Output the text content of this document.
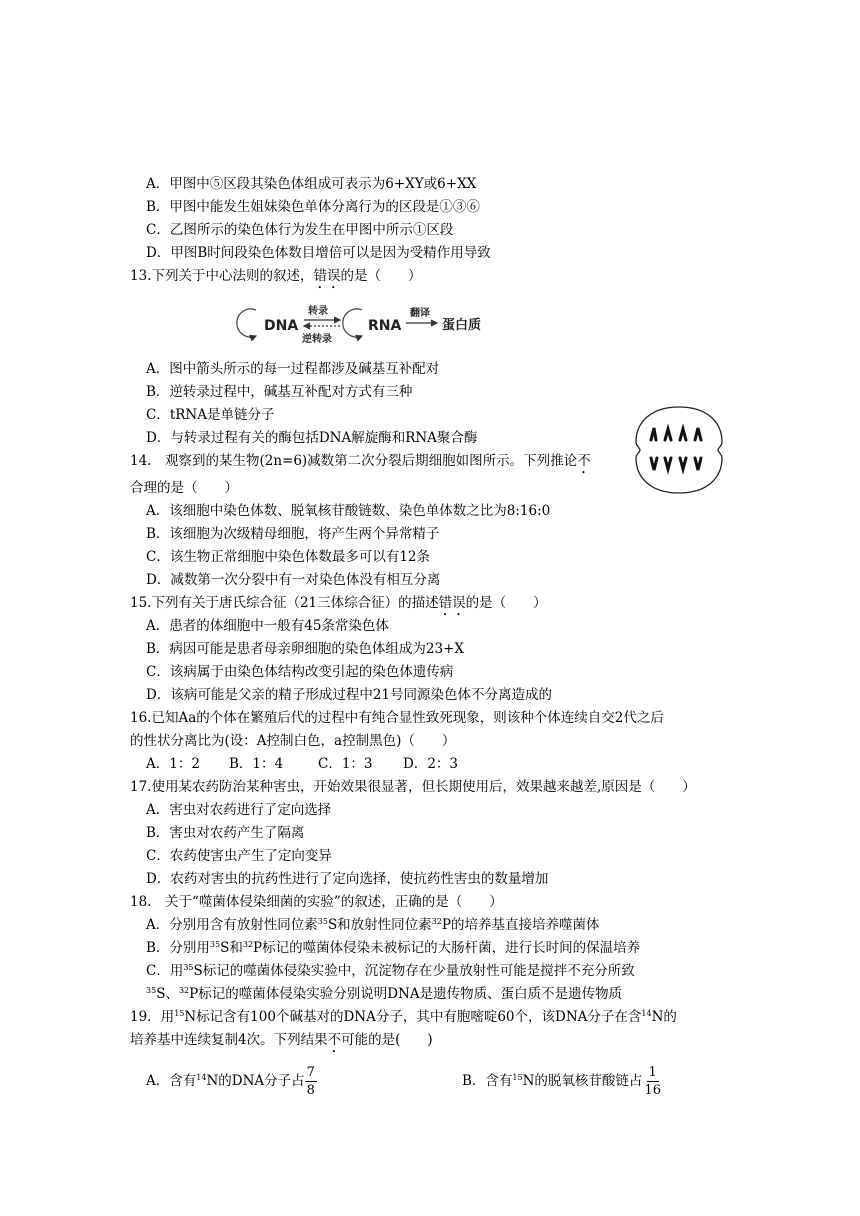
A．甲图中⑤区段其染色体组成可表示为6+XY或6+XX
B．甲图中能发生姐妹染色单体分离行为的区段是①③⑥
C．乙图所示的染色体行为发生在甲图中所示①区段
D．甲图B时间段染色体数目增倍可以是因为受精作用导致
13.下列关于中心法则的叙述，错误的是（　　）
DNA
转录
逆转录
RNA
翻译
蛋白质
A．图中箭头所示的每一过程都涉及碱基互补配对
B．逆转录过程中，碱基互补配对方式有三种
C．tRNA是单链分子
D．与转录过程有关的酶包括DNA解旋酶和RNA聚合酶
14.　观察到的某生物(2n=6)减数第二次分裂后期细胞如图所示。下列推论不
合理的是（　　）
A．该细胞中染色体数、脱氧核苷酸链数、染色单体数之比为8:16:0
B．该细胞为次级精母细胞，将产生两个异常精子
C．该生物正常细胞中染色体数最多可以有12条
D．减数第一次分裂中有一对染色体没有相互分离
15.下列有关于唐氏综合征（21三体综合征）的描述错误的是（　　）
A．患者的体细胞中一般有45条常染色体
B．病因可能是患者母亲卵细胞的染色体组成为23+X
C．该病属于由染色体结构改变引起的染色体遗传病
D．该病可能是父亲的精子形成过程中21号同源染色体不分离造成的
16.已知Aa的个体在繁殖后代的过程中有纯合显性致死现象，则该种个体连续自交2代之后
的性状分离比为(设：A控制白色，a控制黑色)（　　）
A．1：2 B．1：4	C．1：3 D．2：3
17.使用某农药防治某种害虫，开始效果很显著，但长期使用后，效果越来越差,原因是（　　）
A．害虫对农药进行了定向选择
B．害虫对农药产生了隔离
C．农药使害虫产生了定向变异
D．农药对害虫的抗药性进行了定向选择，使抗药性害虫的数量增加
18.　关于“噬菌体侵染细菌的实验”的叙述，正确的是（　　）
A．分别用含有放射性同位素$^{35}$S和放射性同位素$^{32}$P的培养基直接培养噬菌体
B．分别用$^{35}$S和$^{32}$P标记的噬菌体侵染未被标记的大肠杆菌，进行长时间的保温培养
C．用$^{35}$S标记的噬菌体侵染实验中，沉淀物存在少量放射性可能是搅拌不充分所致
$^{35}$S、$^{32}$P标记的噬菌体侵染实验分别说明DNA是遗传物质、蛋白质不是遗传物质
19．用$^{15}$N标记含有100个碱基对的DNA分子，其中有胞嘧啶60个，该DNA分子在含$^{14}$N的
培养基中连续复制4次。下列结果不可能的是(　　)
A．含有$^{14}$N的DNA分子占 $\frac{7}{8}$	B．含有$^{15}$N的脱氧核苷酸链占 $\frac{1}{16}$
